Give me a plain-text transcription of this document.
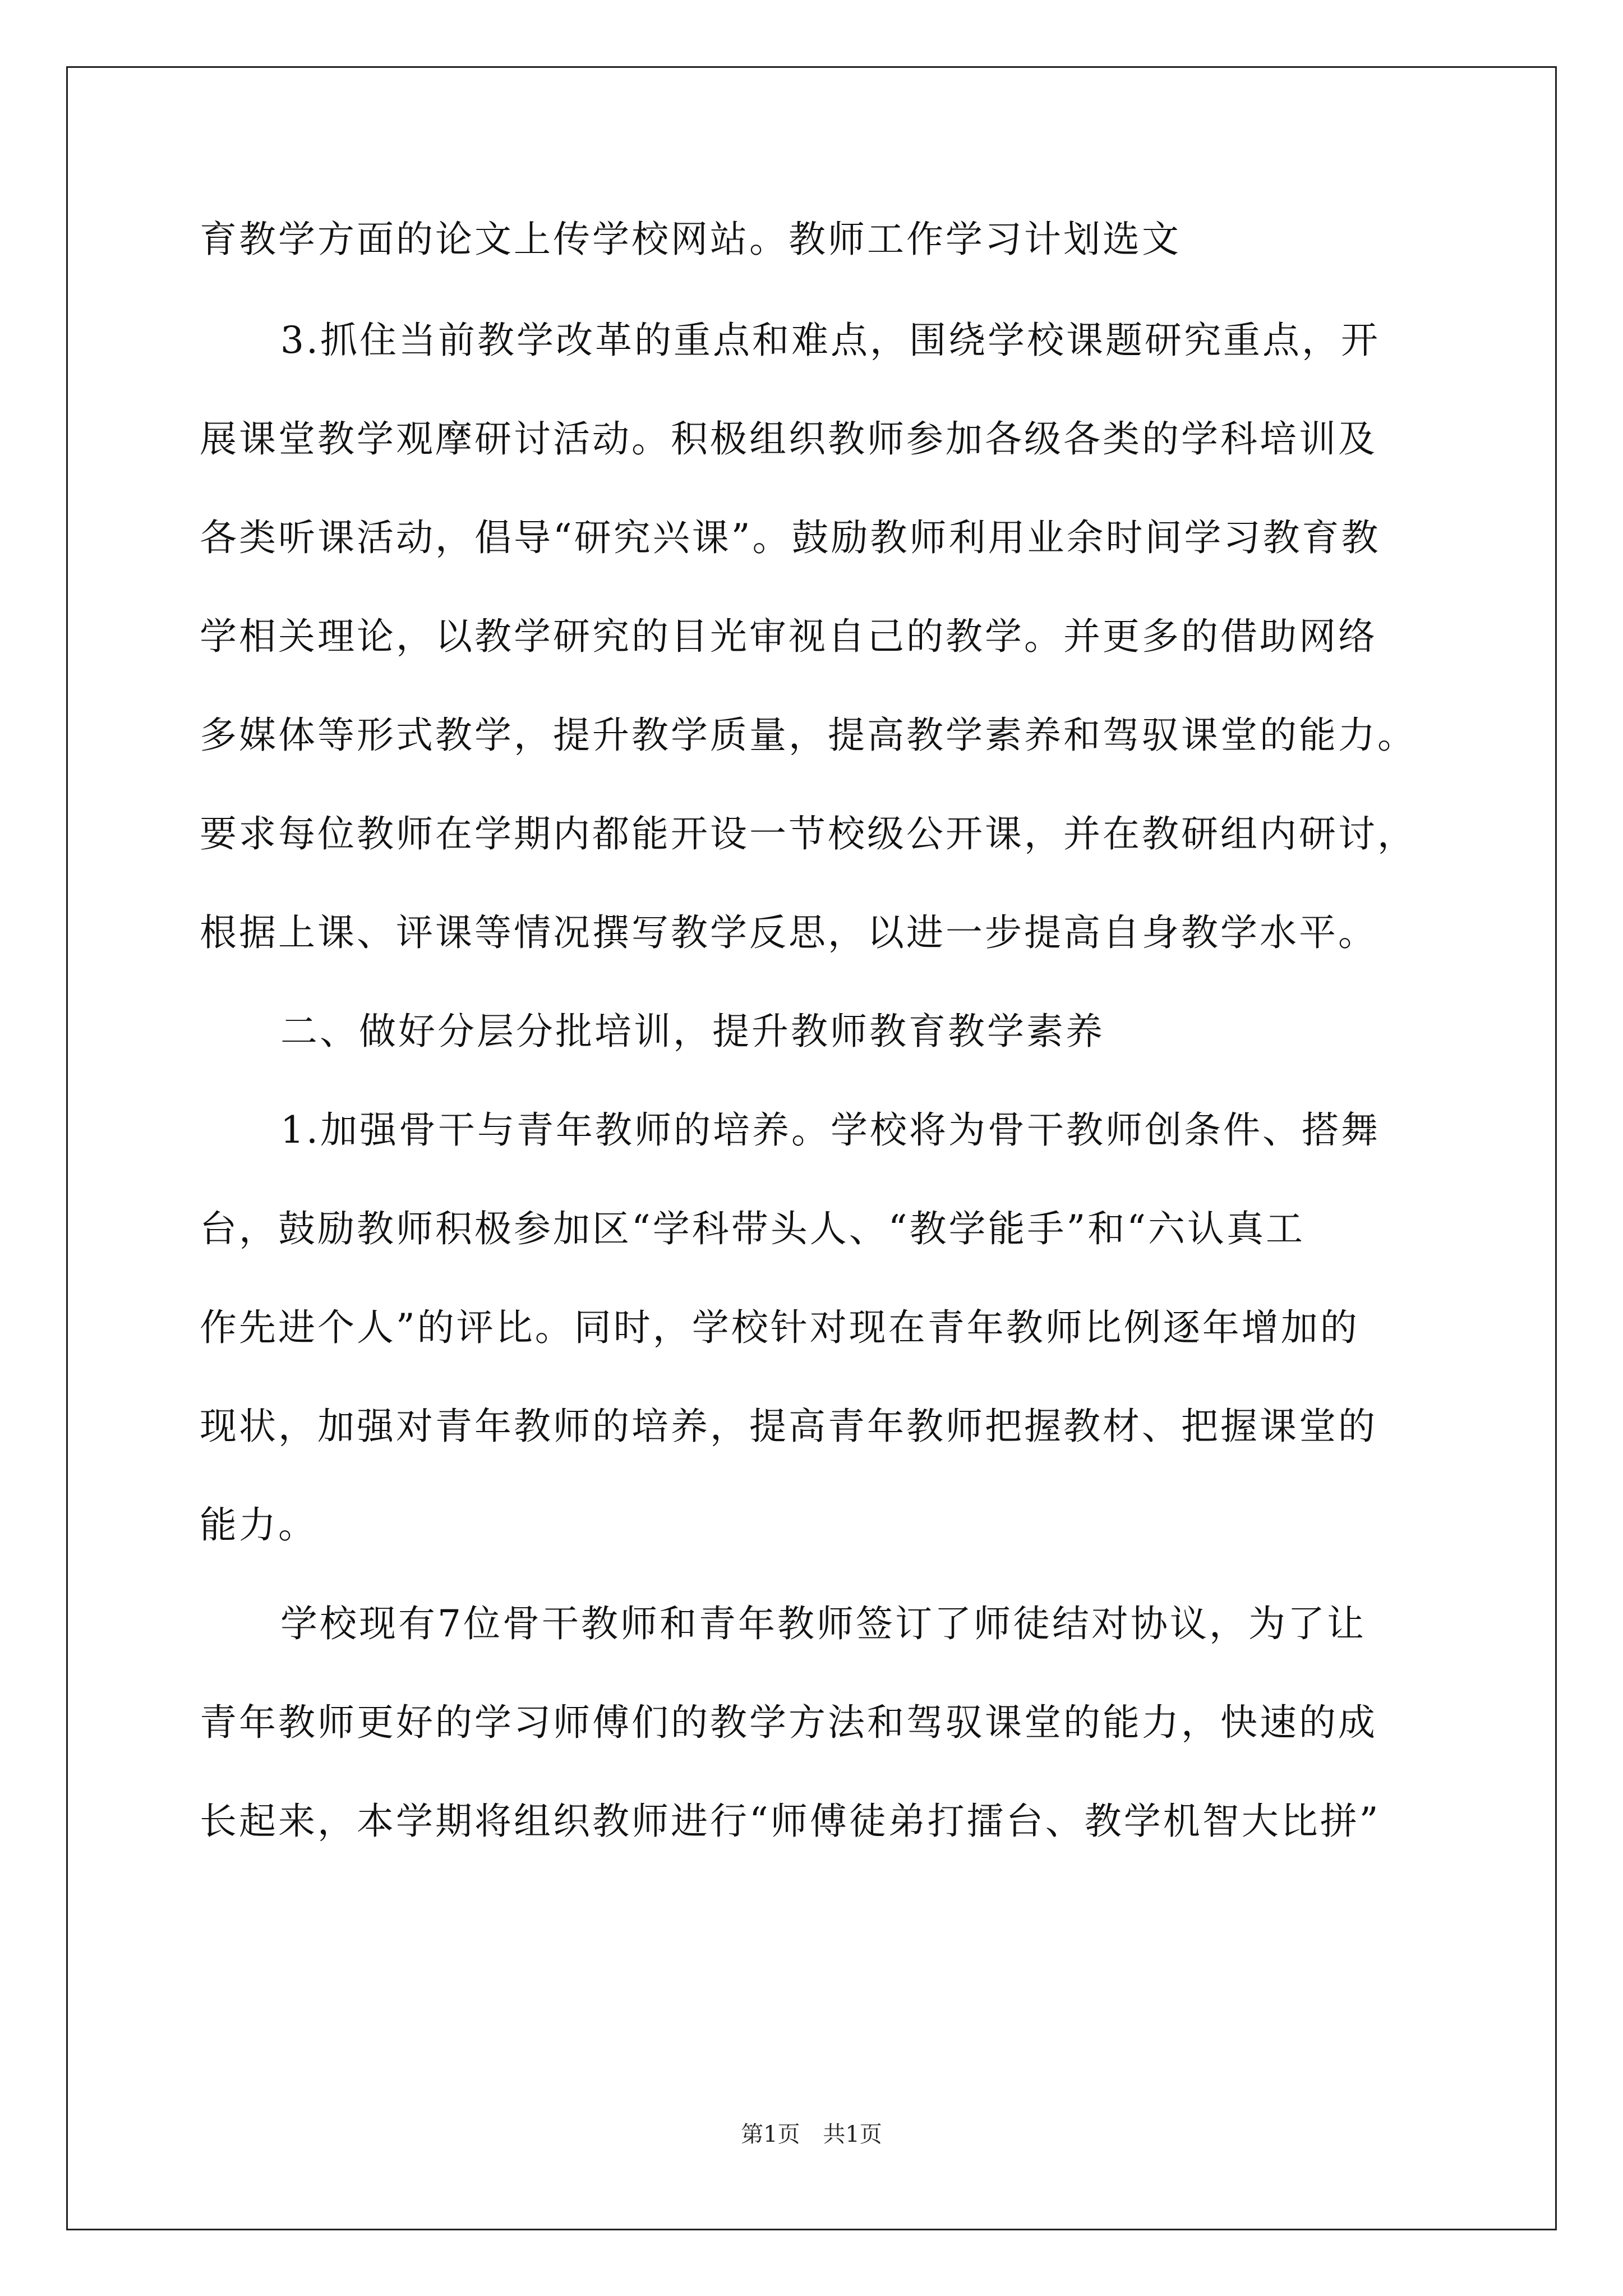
育教学方面的论文上传学校网站。教师工作学习计划选文
3.抓住当前教学改革的重点和难点，围绕学校课题研究重点，开
展课堂教学观摩研讨活动。积极组织教师参加各级各类的学科培训及
各类听课活动，倡导“研究兴课”。鼓励教师利用业余时间学习教育教
学相关理论，以教学研究的目光审视自己的教学。并更多的借助网络
多媒体等形式教学，提升教学质量，提高教学素养和驾驭课堂的能力。
要求每位教师在学期内都能开设一节校级公开课，并在教研组内研讨，
根据上课、评课等情况撰写教学反思，以进一步提高自身教学水平。
二、做好分层分批培训，提升教师教育教学素养
1.加强骨干与青年教师的培养。学校将为骨干教师创条件、搭舞
台，鼓励教师积极参加区“学科带头人、“教学能手”和“六认真工
作先进个人”的评比。同时，学校针对现在青年教师比例逐年增加的
现状，加强对青年教师的培养，提高青年教师把握教材、把握课堂的
能力。
学校现有7位骨干教师和青年教师签订了师徒结对协议，为了让
青年教师更好的学习师傅们的教学方法和驾驭课堂的能力，快速的成
长起来，本学期将组织教师进行“师傅徒弟打擂台、教学机智大比拼”
第1页 共1页
